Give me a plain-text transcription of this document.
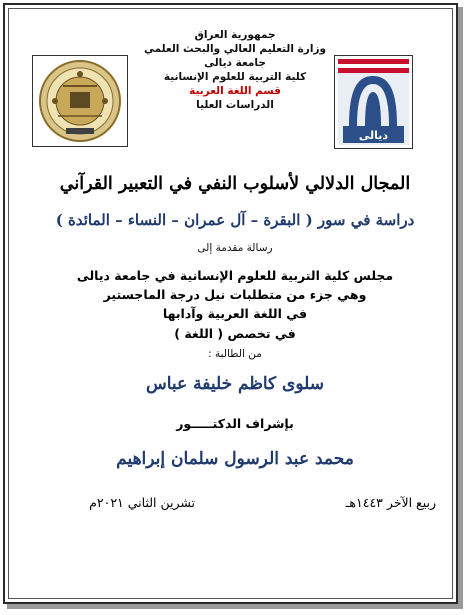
جمهورية العراق
وزارة التعليم العالي والبحث العلمي
جامعة ديالى
كلية التربية للعلوم الإنسانية
قسم اللغة العربية
الدراسات العليا
ديالى
المجال الدلالي لأسلوب النفي في التعبير القرآني
دراسة في سور ( البقرة – آل عمران – النساء – المائدة )
رسالة مقدمة إلى
مجلس كلية التربية للعلوم الإنسانية في جامعة ديالى
وهي جزء من متطلبات نيل درجة الماجستير
في اللغة العربية وآدابها
في تخصص ( اللغة )
من الطالبة :
سلوى كاظم خليفة عباس
بإشراف الدكتـــــور
محمد عبد الرسول سلمان إبراهيم
ربيع الآخر ١٤٤٣هـ
تشرين الثاني ٢٠٢١م
